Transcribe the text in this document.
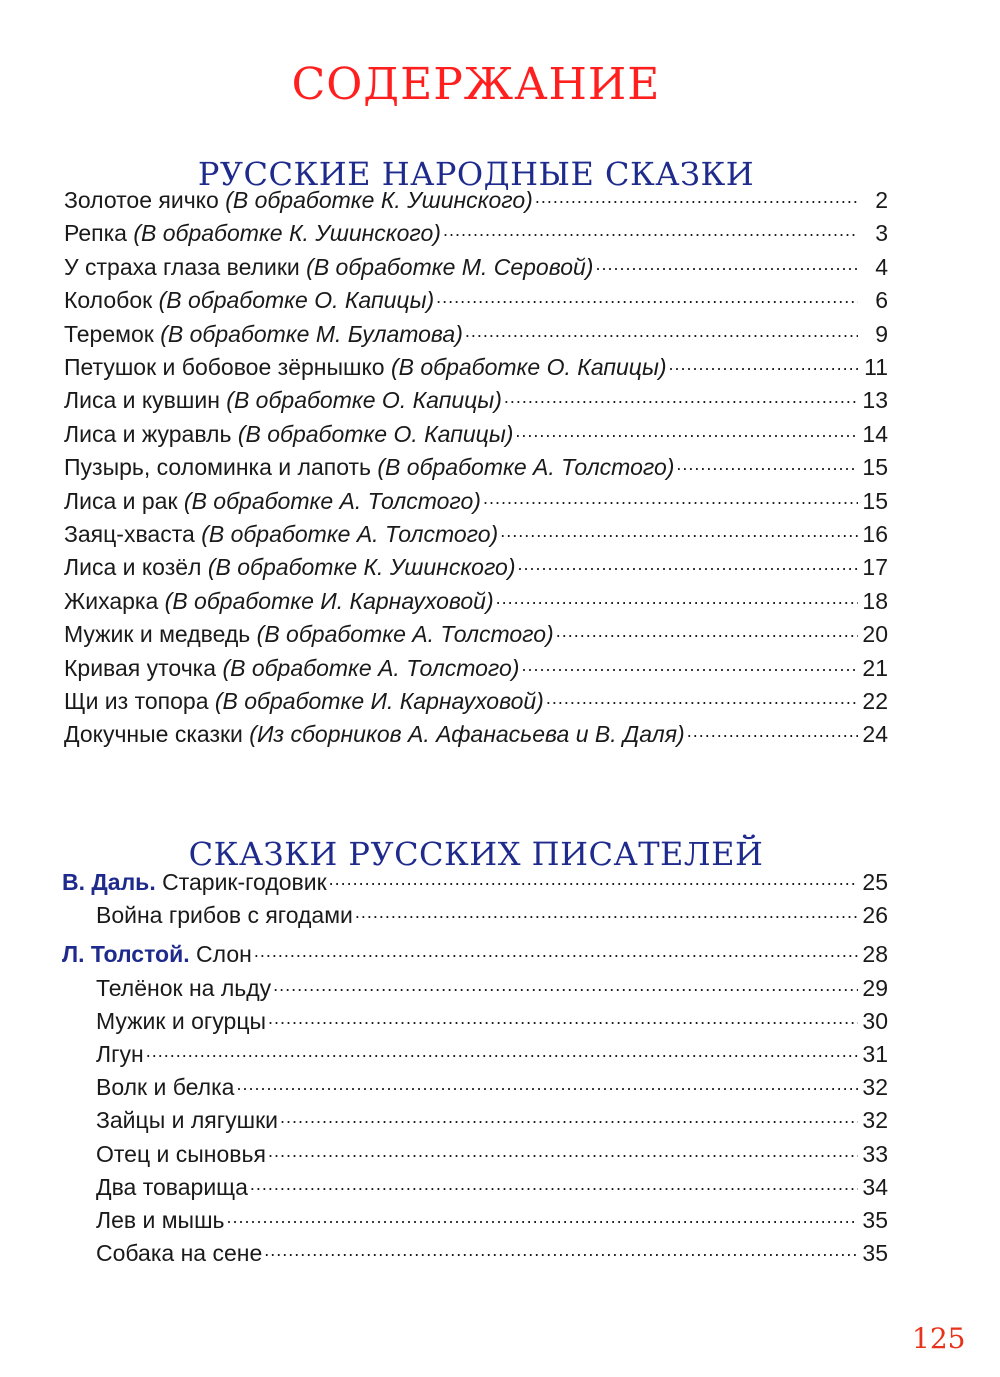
СОДЕРЖАНИЕ
РУССКИЕ НАРОДНЫЕ СКАЗКИ
Золотое яичко (В обработке К. Ушинского) .....	2
Репка (В обработке К. Ушинского) .....	3
У страха глаза велики (В обработке М. Серовой) .....	4
Колобок (В обработке О. Капицы) .....	6
Теремок (В обработке М. Булатова) .....	9
Петушок и бобовое зёрнышко (В обработке О. Капицы) .....	11
Лиса и кувшин (В обработке О. Капицы) .....	13
Лиса и журавль (В обработке О. Капицы) .....	14
Пузырь, соломинка и лапоть (В обработке А. Толстого) .....	15
Лиса и рак (В обработке А. Толстого) .....	15
Заяц-хваста (В обработке А. Толстого) .....	16
Лиса и козёл (В обработке К. Ушинского) .....	17
Жихарка (В обработке И. Карнауховой) .....	18
Мужик и медведь (В обработке А. Толстого) .....	20
Кривая уточка (В обработке А. Толстого) .....	21
Щи из топора (В обработке И. Карнауховой) .....	22
Докучные сказки (Из сборников А. Афанасьева и В. Даля) .....	24
СКАЗКИ РУССКИХ ПИСАТЕЛЕЙ
В. Даль. Старик-годовик .....	25
Война грибов с ягодами .....	26
Л. Толстой. Слон .....	28
Телёнок на льду .....	29
Мужик и огурцы .....	30
Лгун .....	31
Волк и белка .....	32
Зайцы и лягушки .....	32
Отец и сыновья .....	33
Два товарища .....	34
Лев и мышь .....	35
Собака на сене .....	35
125
